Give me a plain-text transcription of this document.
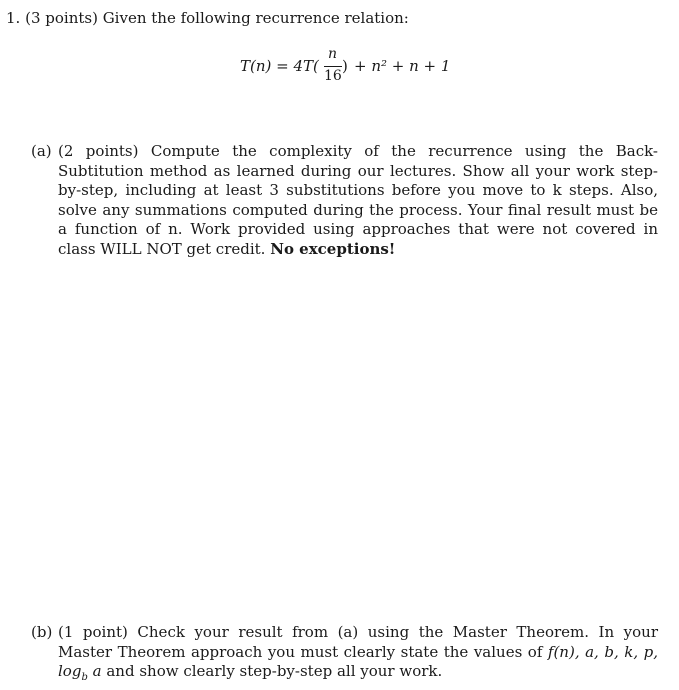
1. (3 points) Given the following recurrence relation:
T(n) = 4T(
n
16
) + n² + n + 1
(a) (2 points) Compute the complexity of the recurrence using the Back-Subtitution method as learned during our lectures. Show all your work step-by-step, including at least 3 substitutions before you move to k steps. Also, solve any summations computed during the process. Your final result must be a function of n. Work provided using approaches that were not covered in class WILL NOT get credit. No exceptions!
(b) (1 point) Check your result from (a) using the Master Theorem. In your Master Theorem approach you must clearly state the values of f(n), a, b, k, p, $\log_b a$ and show clearly step-by-step all your work.
